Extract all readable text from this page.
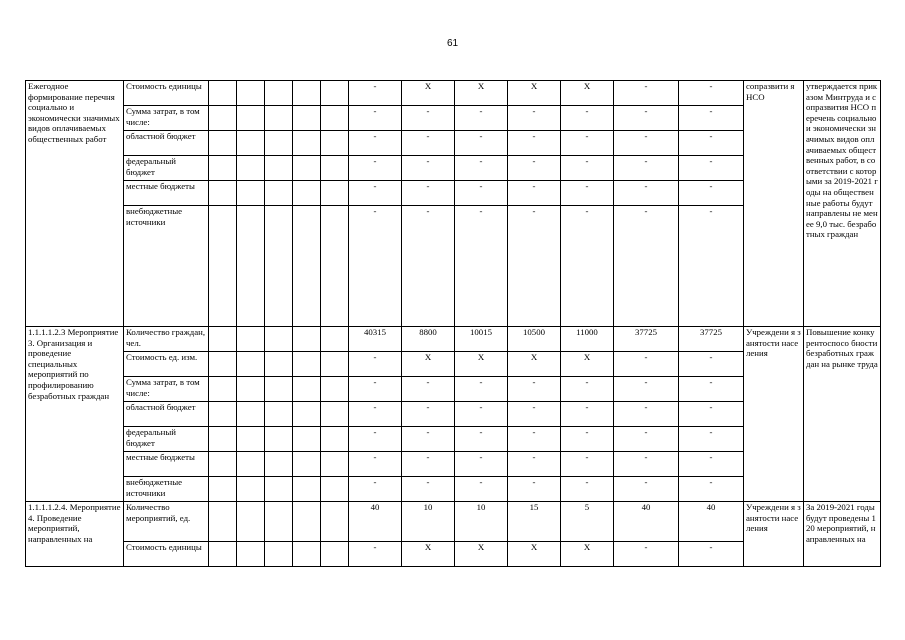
61
Ежегодное формирование перечня социально и экономически значимых видов оплачиваемых общественных работ	Стоимость единицы						-	X	X	X	X	-	-	сопразвити я НСО	утверждается приказом Минтруда и сопразвития НСО перечень социально и экономически значимых видов оплачиваемых общественных работ, в соответствии с которыми за 2019-2021 годы на общественные работы будут направлены не менее 9,0 тыс. безработных граждан
	Сумма затрат, в том числе:						-	-	-	-	-	-	-		
	областной бюджет						-	-	-	-	-	-	-		
	федеральный бюджет						-	-	-	-	-	-	-		
	местные бюджеты						-	-	-	-	-	-	-		
	внебюджетные источники						-	-	-	-	-	-	-		
1.1.1.1.2.3 Мероприятие 3. Организация и проведение специальных мероприятий по профилированию безработных граждан	Количество граждан, чел.						40315	8800	10015	10500	11000	37725	37725	Учреждени я занятости населения	Повышение конкурентоспосо бности безработных граждан на рынке труда
	Стоимость ед. изм.						-	X	X	X	X	-	-		
	Сумма затрат, в том числе:						-	-	-	-	-	-	-		
	областной бюджет						-	-	-	-	-	-	-		
	федеральный бюджет						-	-	-	-	-	-	-		
	местные бюджеты						-	-	-	-	-	-	-		
	внебюджетные источники						-	-	-	-	-	-	-		
1.1.1.1.2.4. Мероприятие 4. Проведение мероприятий, направленных на	Количество мероприятий, ед.						40	10	10	15	5	40	40	Учреждени я занятости населения	За 2019-2021 годы будут проведены 120 мероприятий, направленных на
	Стоимость единицы						-	X	X	X	X	-	-		
